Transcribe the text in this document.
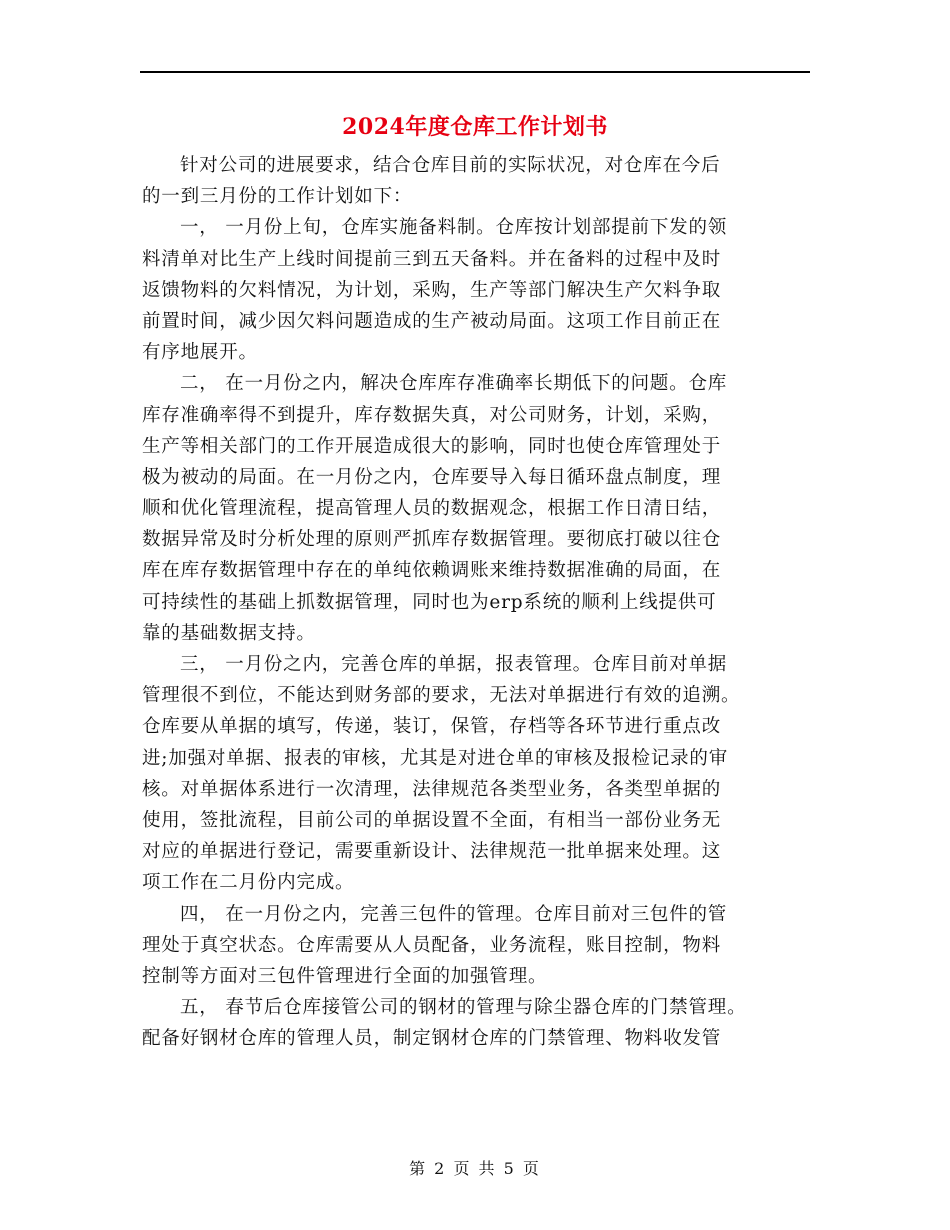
2024年度仓库工作计划书
针对公司的进展要求，结合仓库目前的实际状况，对仓库在今后
的一到三月份的工作计划如下：
一， 一月份上旬，仓库实施备料制。仓库按计划部提前下发的领
料清单对比生产上线时间提前三到五天备料。并在备料的过程中及时
返馈物料的欠料情况，为计划，采购，生产等部门解决生产欠料争取
前置时间，减少因欠料问题造成的生产被动局面。这项工作目前正在
有序地展开。
二， 在一月份之内，解决仓库库存准确率长期低下的问题。仓库
库存准确率得不到提升，库存数据失真，对公司财务，计划，采购，
生产等相关部门的工作开展造成很大的影响，同时也使仓库管理处于
极为被动的局面。在一月份之内，仓库要导入每日循环盘点制度，理
顺和优化管理流程，提高管理人员的数据观念，根据工作日清日结，
数据异常及时分析处理的原则严抓库存数据管理。要彻底打破以往仓
库在库存数据管理中存在的单纯依赖调账来维持数据准确的局面，在
可持续性的基础上抓数据管理，同时也为erp系统的顺利上线提供可
靠的基础数据支持。
三， 一月份之内，完善仓库的单据，报表管理。仓库目前对单据
管理很不到位，不能达到财务部的要求，无法对单据进行有效的追溯。
仓库要从单据的填写，传递，装订，保管，存档等各环节进行重点改
进;加强对单据、报表的审核，尤其是对进仓单的审核及报检记录的审
核。对单据体系进行一次清理，法律规范各类型业务，各类型单据的
使用，签批流程，目前公司的单据设置不全面，有相当一部份业务无
对应的单据进行登记，需要重新设计、法律规范一批单据来处理。这
项工作在二月份内完成。
四， 在一月份之内，完善三包件的管理。仓库目前对三包件的管
理处于真空状态。仓库需要从人员配备，业务流程，账目控制，物料
控制等方面对三包件管理进行全面的加强管理。
五， 春节后仓库接管公司的钢材的管理与除尘器仓库的门禁管理。
配备好钢材仓库的管理人员，制定钢材仓库的门禁管理、物料收发管
第 2 页 共 5 页
